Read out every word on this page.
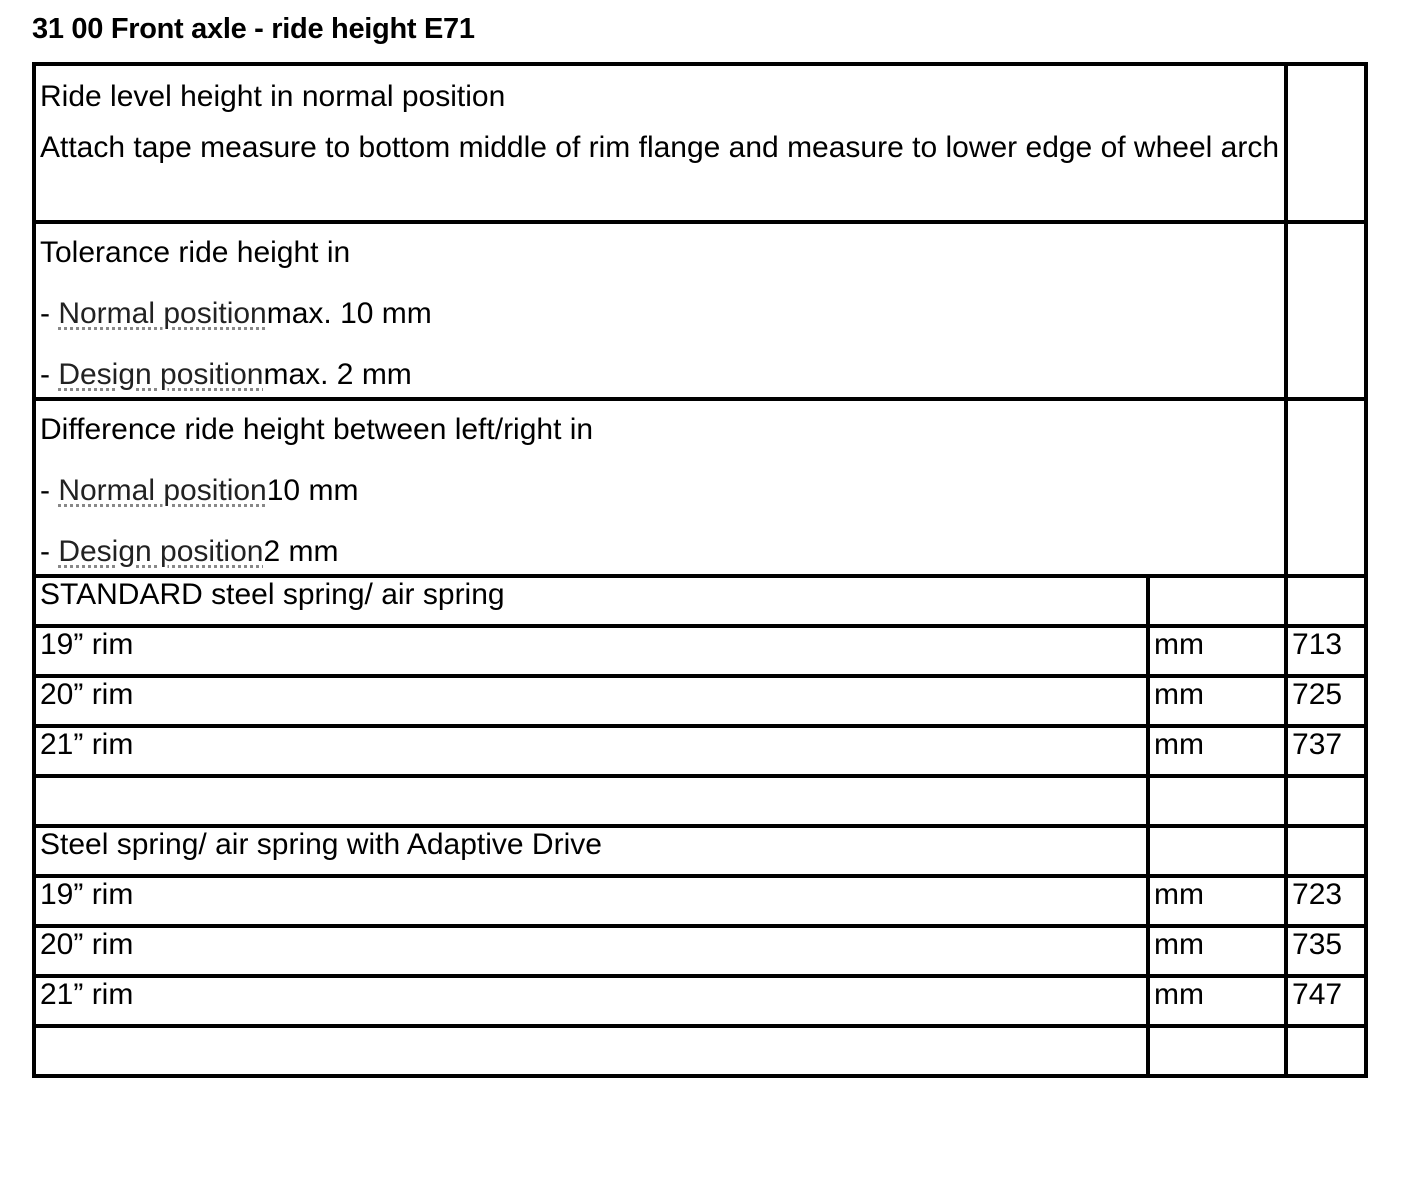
31 00 Front axle - ride height E71

Ride level height in normal position

Attach tape measure to bottom middle of rim flange and measure to lower edge of wheel arch		

Tolerance ride height in

- Normal positionmax. 10 mm

- Design positionmax. 2 mm		

Difference ride height between left/right in

- Normal position10 mm

- Design position2 mm		

STANDARD steel spring/ air spring		
19” rim	mm	713
20” rim	mm	725
21” rim	mm	737

Steel spring/ air spring with Adaptive Drive		
19” rim	mm	723
20” rim	mm	735
21” rim	mm	747
